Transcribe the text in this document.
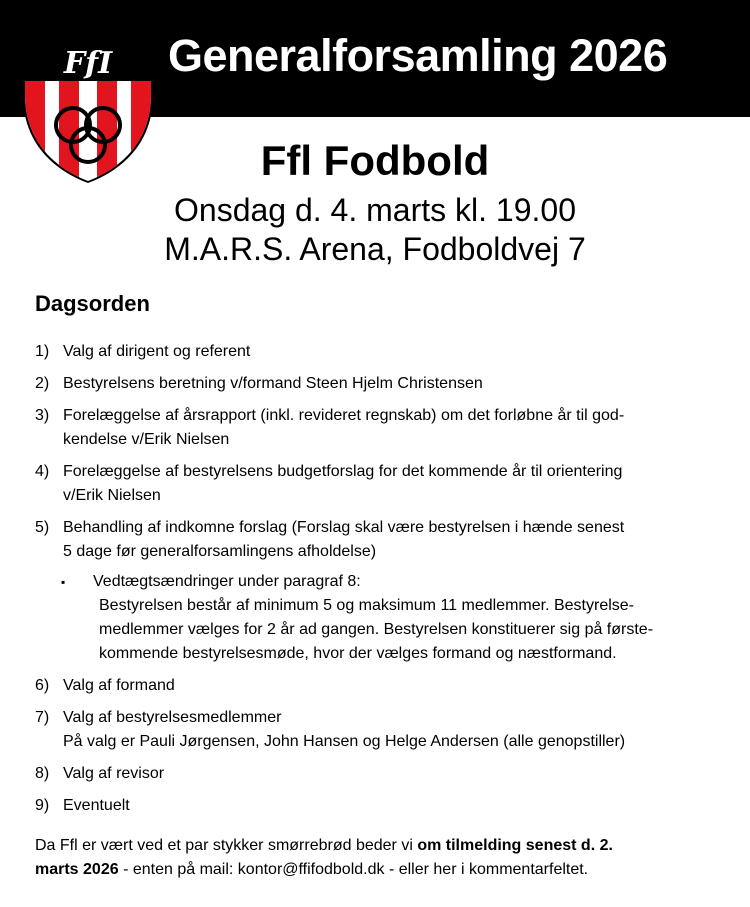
Generalforsamling 2026
FfI
Ffl Fodbold
Onsdag d. 4. marts kl. 19.00
M.A.R.S. Arena, Fodboldvej 7
Dagsorden
1) Valg af dirigent og referent
2) Bestyrelsens beretning v/formand Steen Hjelm Christensen
3) Forelæggelse af årsrapport (inkl. revideret regnskab) om det forløbne år til god-
kendelse v/Erik Nielsen
4) Forelæggelse af bestyrelsens budgetforslag for det kommende år til orientering
v/Erik Nielsen
5) Behandling af indkomne forslag (Forslag skal være bestyrelsen i hænde senest
5 dage før generalforsamlingens afholdelse)
▪ Vedtægtsændringer under paragraf 8:
Bestyrelsen består af minimum 5 og maksimum 11 medlemmer. Bestyrelse-
medlemmer vælges for 2 år ad gangen. Bestyrelsen konstituerer sig på første-
kommende bestyrelsesmøde, hvor der vælges formand og næstformand.
6) Valg af formand
7) Valg af bestyrelsesmedlemmer
På valg er Pauli Jørgensen, John Hansen og Helge Andersen (alle genopstiller)
8) Valg af revisor
9) Eventuelt
Da Ffl er vært ved et par stykker smørrebrød beder vi om tilmelding senest d. 2.
marts 2026 - enten på mail: kontor@ffifodbold.dk - eller her i kommentarfeltet.
